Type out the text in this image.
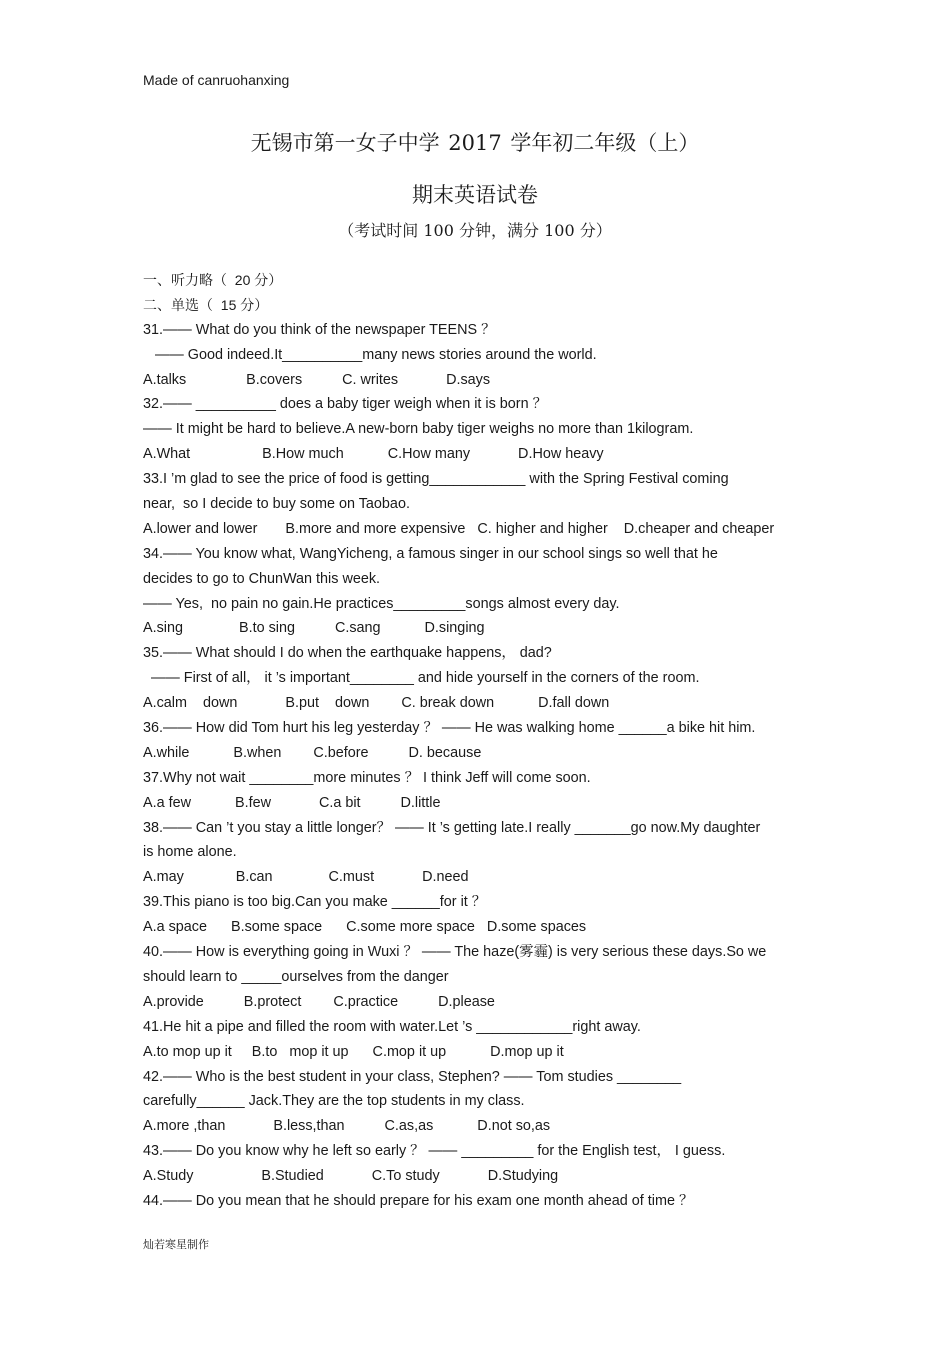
Made of canruohanxing
无锡市第一女子中学 2017 学年初二年级（上）
期末英语试卷
（考试时间 100 分钟，满分 100 分）
一、听力略（  20 分）
二、单选（  15 分）
31.—— What do you think of the newspaper TEENS ？
—— Good indeed.It__________many news stories around the world.
A.talks               B.covers          C. writes            D.says
32.—— __________ does a baby tiger weigh when it is born ？
—— It might be hard to believe.A new-born baby tiger weighs no more than 1kilogram.
A.What                  B.How much           C.How many            D.How heavy
33.I ’m glad to see the price of food is getting____________ with the Spring Festival coming
near,  so I decide to buy some on Taobao.
A.lower and lower       B.more and more expensive   C. higher and higher    D.cheaper and cheaper
34.—— You know what, WangYicheng, a famous singer in our school sings so well that he
decides to go to ChunWan this week.
—— Yes,  no pain no gain.He practices_________songs almost every day.
A.sing              B.to sing          C.sang           D.singing
35.—— What should I do when the earthquake happens， dad?
—— First of all， it ’s important________ and hide yourself in the corners of the room.
A.calm    down            B.put    down        C. break down           D.fall down
36.—— How did Tom hurt his leg yesterday ？ —— He was walking home ______a bike hit him.
A.while           B.when        C.before          D. because
37.Why not wait ________more minutes ？ I think Jeff will come soon.
A.a few           B.few            C.a bit          D.little
38.—— Can ’t you stay a little longer？ —— It ’s getting late.I really _______go now.My daughter
is home alone.
A.may             B.can              C.must            D.need
39.This piano is too big.Can you make ______for it ？
A.a space      B.some space      C.some more space   D.some spaces
40.—— How is everything going in Wuxi ？ —— The haze(雾霾) is very serious these days.So we
should learn to _____ourselves from the danger
A.provide          B.protect        C.practice          D.please
41.He hit a pipe and filled the room with water.Let ’s ____________right away.
A.to mop up it     B.to   mop it up      C.mop it up           D.mop up it
42.—— Who is the best student in your class, Stephen? —— Tom studies ________
carefully______ Jack.They are the top students in my class.
A.more ,than            B.less,than          C.as,as           D.not so,as
43.—— Do you know why he left so early ？ —— _________ for the English test， I guess.
A.Study                 B.Studied            C.To study            D.Studying
44.—— Do you mean that he should prepare for his exam one month ahead of time ？
灿若寒星制作
